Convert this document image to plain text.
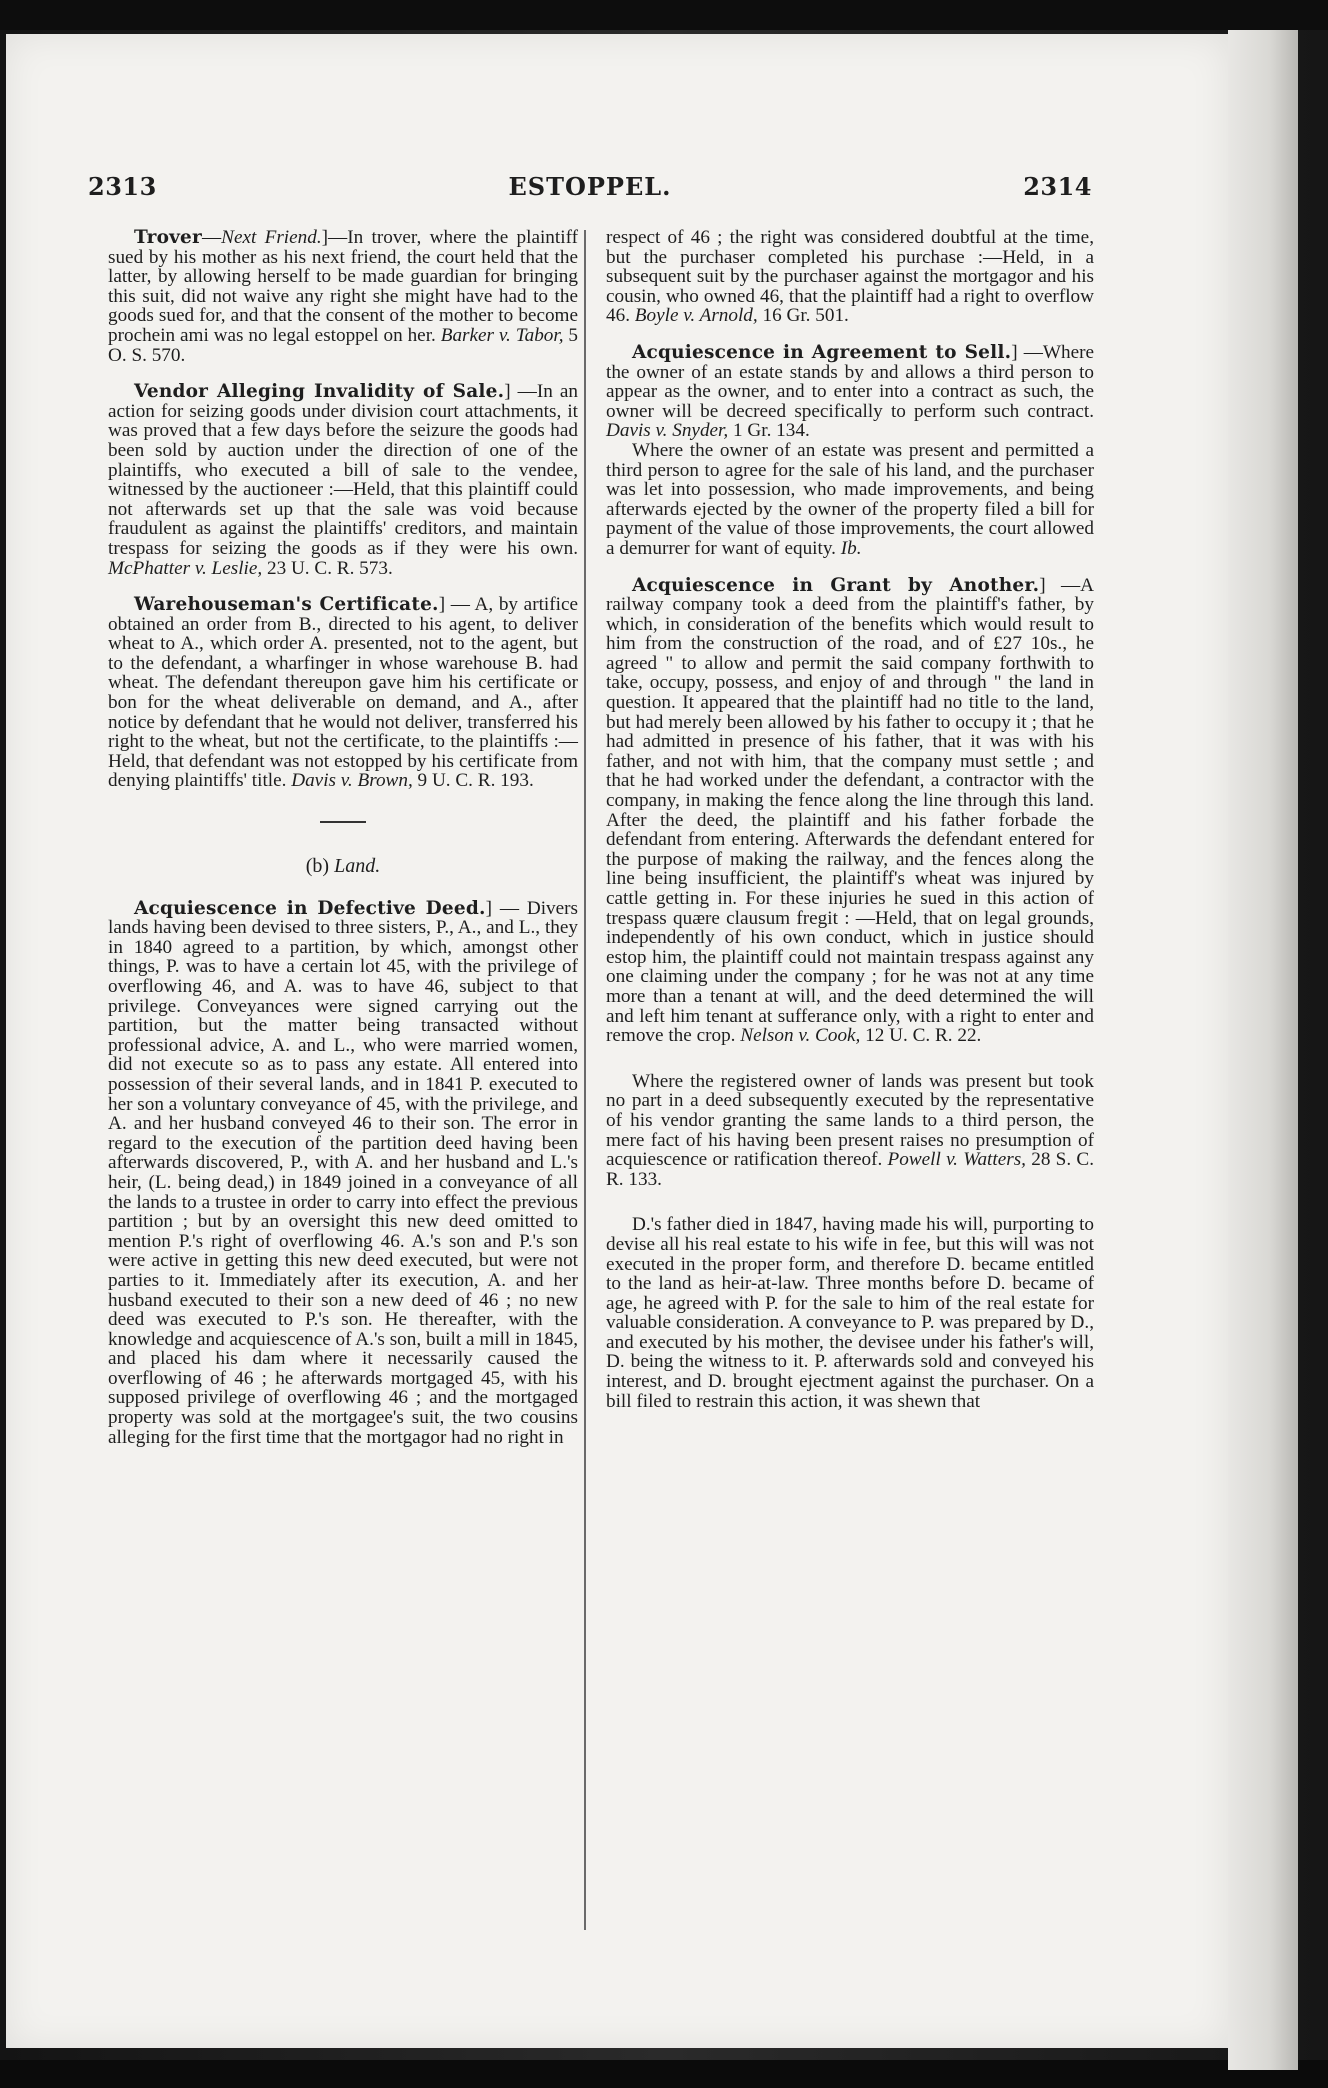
2313	ESTOPPEL.	2314

Trover—Next Friend.]—In trover, where the plaintiff sued by his mother as his next friend, the court held that the latter, by allowing herself to be made guardian for bringing this suit, did not waive any right she might have had to the goods sued for, and that the consent of the mother to become prochein ami was no legal estoppel on her. Barker v. Tabor, 5 O. S. 570.

Vendor Alleging Invalidity of Sale.] —In an action for seizing goods under division court attachments, it was proved that a few days before the seizure the goods had been sold by auction under the direction of one of the plaintiffs, who executed a bill of sale to the vendee, witnessed by the auctioneer :—Held, that this plaintiff could not afterwards set up that the sale was void because fraudulent as against the plaintiffs' creditors, and maintain trespass for seizing the goods as if they were his own. McPhatter v. Leslie, 23 U. C. R. 573.

Warehouseman's Certificate.] — A, by artifice obtained an order from B., directed to his agent, to deliver wheat to A., which order A. presented, not to the agent, but to the defendant, a wharfinger in whose warehouse B. had wheat. The defendant thereupon gave him his certificate or bon for the wheat deliverable on demand, and A., after notice by defendant that he would not deliver, transferred his right to the wheat, but not the certificate, to the plaintiffs :—Held, that defendant was not estopped by his certificate from denying plaintiffs' title. Davis v. Brown, 9 U. C. R. 193.

(b) Land.

Acquiescence in Defective Deed.] — Divers lands having been devised to three sisters, P., A., and L., they in 1840 agreed to a partition, by which, amongst other things, P. was to have a certain lot 45, with the privilege of overflowing 46, and A. was to have 46, subject to that privilege. Conveyances were signed carrying out the partition, but the matter being transacted without professional advice, A. and L., who were married women, did not execute so as to pass any estate. All entered into possession of their several lands, and in 1841 P. executed to her son a voluntary conveyance of 45, with the privilege, and A. and her husband conveyed 46 to their son. The error in regard to the execution of the partition deed having been afterwards discovered, P., with A. and her husband and L.'s heir, (L. being dead,) in 1849 joined in a conveyance of all the lands to a trustee in order to carry into effect the previous partition ; but by an oversight this new deed omitted to mention P.'s right of overflowing 46. A.'s son and P.'s son were active in getting this new deed executed, but were not parties to it. Immediately after its execution, A. and her husband executed to their son a new deed of 46 ; no new deed was executed to P.'s son. He thereafter, with the knowledge and acquiescence of A.'s son, built a mill in 1845, and placed his dam where it necessarily caused the overflowing of 46 ; he afterwards mortgaged 45, with his supposed privilege of overflowing 46 ; and the mortgaged property was sold at the mortgagee's suit, the two cousins alleging for the first time that the mortgagor had no right in

respect of 46 ; the right was considered doubtful at the time, but the purchaser completed his purchase :—Held, in a subsequent suit by the purchaser against the mortgagor and his cousin, who owned 46, that the plaintiff had a right to overflow 46. Boyle v. Arnold, 16 Gr. 501.

Acquiescence in Agreement to Sell.] —Where the owner of an estate stands by and allows a third person to appear as the owner, and to enter into a contract as such, the owner will be decreed specifically to perform such contract. Davis v. Snyder, 1 Gr. 134.

Where the owner of an estate was present and permitted a third person to agree for the sale of his land, and the purchaser was let into possession, who made improvements, and being afterwards ejected by the owner of the property filed a bill for payment of the value of those improvements, the court allowed a demurrer for want of equity. Ib.

Acquiescence in Grant by Another.] —A railway company took a deed from the plaintiff's father, by which, in consideration of the benefits which would result to him from the construction of the road, and of £27 10s., he agreed " to allow and permit the said company forthwith to take, occupy, possess, and enjoy of and through " the land in question. It appeared that the plaintiff had no title to the land, but had merely been allowed by his father to occupy it ; that he had admitted in presence of his father, that it was with his father, and not with him, that the company must settle ; and that he had worked under the defendant, a contractor with the company, in making the fence along the line through this land. After the deed, the plaintiff and his father forbade the defendant from entering. Afterwards the defendant entered for the purpose of making the railway, and the fences along the line being insufficient, the plaintiff's wheat was injured by cattle getting in. For these injuries he sued in this action of trespass quære clausum fregit : —Held, that on legal grounds, independently of his own conduct, which in justice should estop him, the plaintiff could not maintain trespass against any one claiming under the company ; for he was not at any time more than a tenant at will, and the deed determined the will and left him tenant at sufferance only, with a right to enter and remove the crop. Nelson v. Cook, 12 U. C. R. 22.

Where the registered owner of lands was present but took no part in a deed subsequently executed by the representative of his vendor granting the same lands to a third person, the mere fact of his having been present raises no presumption of acquiescence or ratification thereof. Powell v. Watters, 28 S. C. R. 133.

D.'s father died in 1847, having made his will, purporting to devise all his real estate to his wife in fee, but this will was not executed in the proper form, and therefore D. became entitled to the land as heir-at-law. Three months before D. became of age, he agreed with P. for the sale to him of the real estate for valuable consideration. A conveyance to P. was prepared by D., and executed by his mother, the devisee under his father's will, D. being the witness to it. P. afterwards sold and conveyed his interest, and D. brought ejectment against the purchaser. On a bill filed to restrain this action, it was shewn that
